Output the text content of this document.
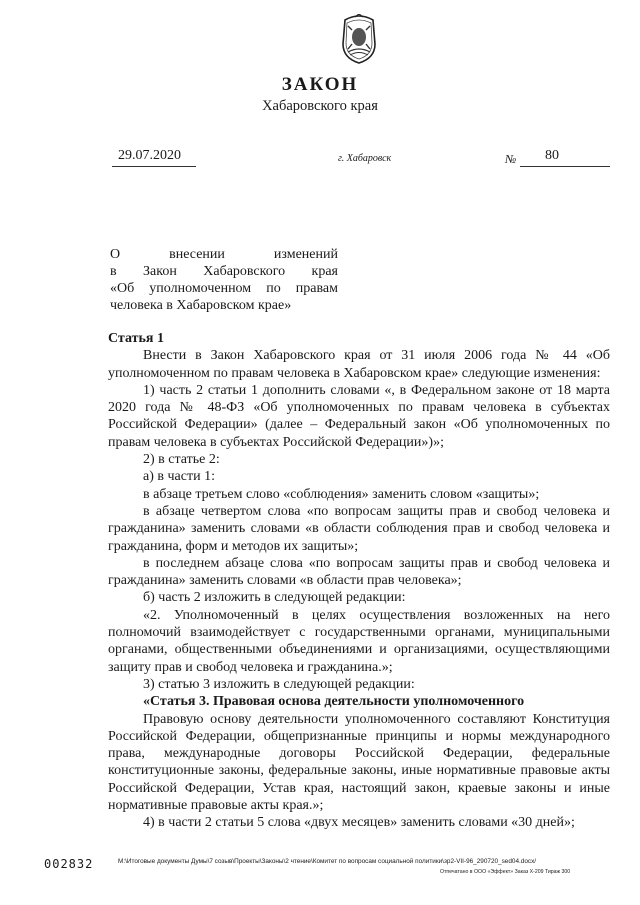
ЗАКОН
Хабаровского края
29.07.2020	г. Хабаровск	№ 80
О внесении изменений
в Закон Хабаровского края
«Об уполномоченном по правам
человека в Хабаровском крае»

Статья 1

Внести в Закон Хабаровского края от 31 июля 2006 года № 44 «Об уполномоченном по правам человека в Хабаровском крае» следующие изменения:

1) часть 2 статьи 1 дополнить словами «, в Федеральном законе от 18 марта 2020 года № 48-ФЗ «Об уполномоченных по правам человека в субъектах Российской Федерации» (далее – Федеральный закон «Об уполномоченных по правам человека в субъектах Российской Федерации»)»;

2) в статье 2:

а) в части 1:

в абзаце третьем слово «соблюдения» заменить словом «защиты»;

в абзаце четвертом слова «по вопросам защиты прав и свобод человека и гражданина» заменить словами «в области соблюдения прав и свобод человека и гражданина, форм и методов их защиты»;

в последнем абзаце слова «по вопросам защиты прав и свобод человека и гражданина» заменить словами «в области прав человека»;

б) часть 2 изложить в следующей редакции:

«2. Уполномоченный в целях осуществления возложенных на него полномочий взаимодействует с государственными органами, муниципальными органами, общественными объединениями и организациями, осуществляющими защиту прав и свобод человека и гражданина.»;

3) статью 3 изложить в следующей редакции:

«Статья 3. Правовая основа деятельности уполномоченного

Правовую основу деятельности уполномоченного составляют Конституция Российской Федерации, общепризнанные принципы и нормы международного права, международные договоры Российской Федерации, федеральные конституционные законы, федеральные законы, иные нормативные правовые акты Российской Федерации, Устав края, настоящий закон, краевые законы и иные нормативные правовые акты края.»;

4) в части 2 статьи 5 слова «двух месяцев» заменить словами «30 дней»;

002832	M:\Итоговые документы Думы\7 созыв\Проекты\Законы\2 чтение\Комитет по вопросам социальной политики\зр2-VII-96_290720_sed04.docx/
Отпечатано в ООО «Эффект» Заказ Х-209 Тираж 300
